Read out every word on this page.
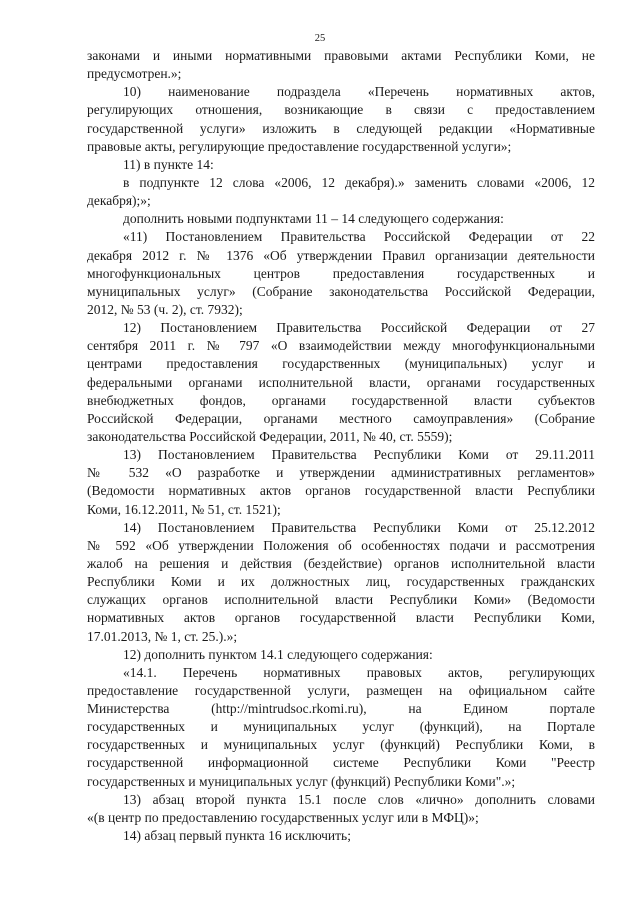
25
законами и иными нормативными правовыми актами Республики Коми, не
предусмотрен.»;
10) наименование подраздела «Перечень нормативных актов,
регулирующих отношения, возникающие в связи с предоставлением
государственной услуги» изложить в следующей редакции «Нормативные
правовые акты, регулирующие предоставление государственной услуги»;
11) в пункте 14:
в подпункте 12 слова «2006, 12 декабря).» заменить словами «2006, 12
декабря);»;
дополнить новыми подпунктами 11 – 14 следующего содержания:
«11) Постановлением Правительства Российской Федерации от 22
декабря 2012 г. № 1376 «Об утверждении Правил организации деятельности
многофункциональных центров предоставления государственных и
муниципальных услуг» (Собрание законодательства Российской Федерации,
2012, № 53 (ч. 2), ст. 7932);
12) Постановлением Правительства Российской Федерации от 27
сентября 2011 г. № 797 «О взаимодействии между многофункциональными
центрами предоставления государственных (муниципальных) услуг и
федеральными органами исполнительной власти, органами государственных
внебюджетных фондов, органами государственной власти субъектов
Российской Федерации, органами местного самоуправления» (Собрание
законодательства Российской Федерации, 2011, № 40, ст. 5559);
13) Постановлением Правительства Республики Коми от 29.11.2011
№ 532 «О разработке и утверждении административных регламентов»
(Ведомости нормативных актов органов государственной власти Республики
Коми, 16.12.2011, № 51, ст. 1521);
14) Постановлением Правительства Республики Коми от 25.12.2012
№ 592 «Об утверждении Положения об особенностях подачи и рассмотрения
жалоб на решения и действия (бездействие) органов исполнительной власти
Республики Коми и их должностных лиц, государственных гражданских
служащих органов исполнительной власти Республики Коми» (Ведомости
нормативных актов органов государственной власти Республики Коми,
17.01.2013, № 1, ст. 25.).»;
12) дополнить пунктом 14.1 следующего содержания:
«14.1. Перечень нормативных правовых актов, регулирующих
предоставление государственной услуги, размещен на официальном сайте
Министерства (http://mintrudsoc.rkomi.ru), на Едином портале
государственных и муниципальных услуг (функций), на Портале
государственных и муниципальных услуг (функций) Республики Коми, в
государственной информационной системе Республики Коми "Реестр
государственных и муниципальных услуг (функций) Республики Коми".»;
13) абзац второй пункта 15.1 после слов «лично» дополнить словами
«(в центр по предоставлению государственных услуг или в МФЦ)»;
14) абзац первый пункта 16 исключить;
